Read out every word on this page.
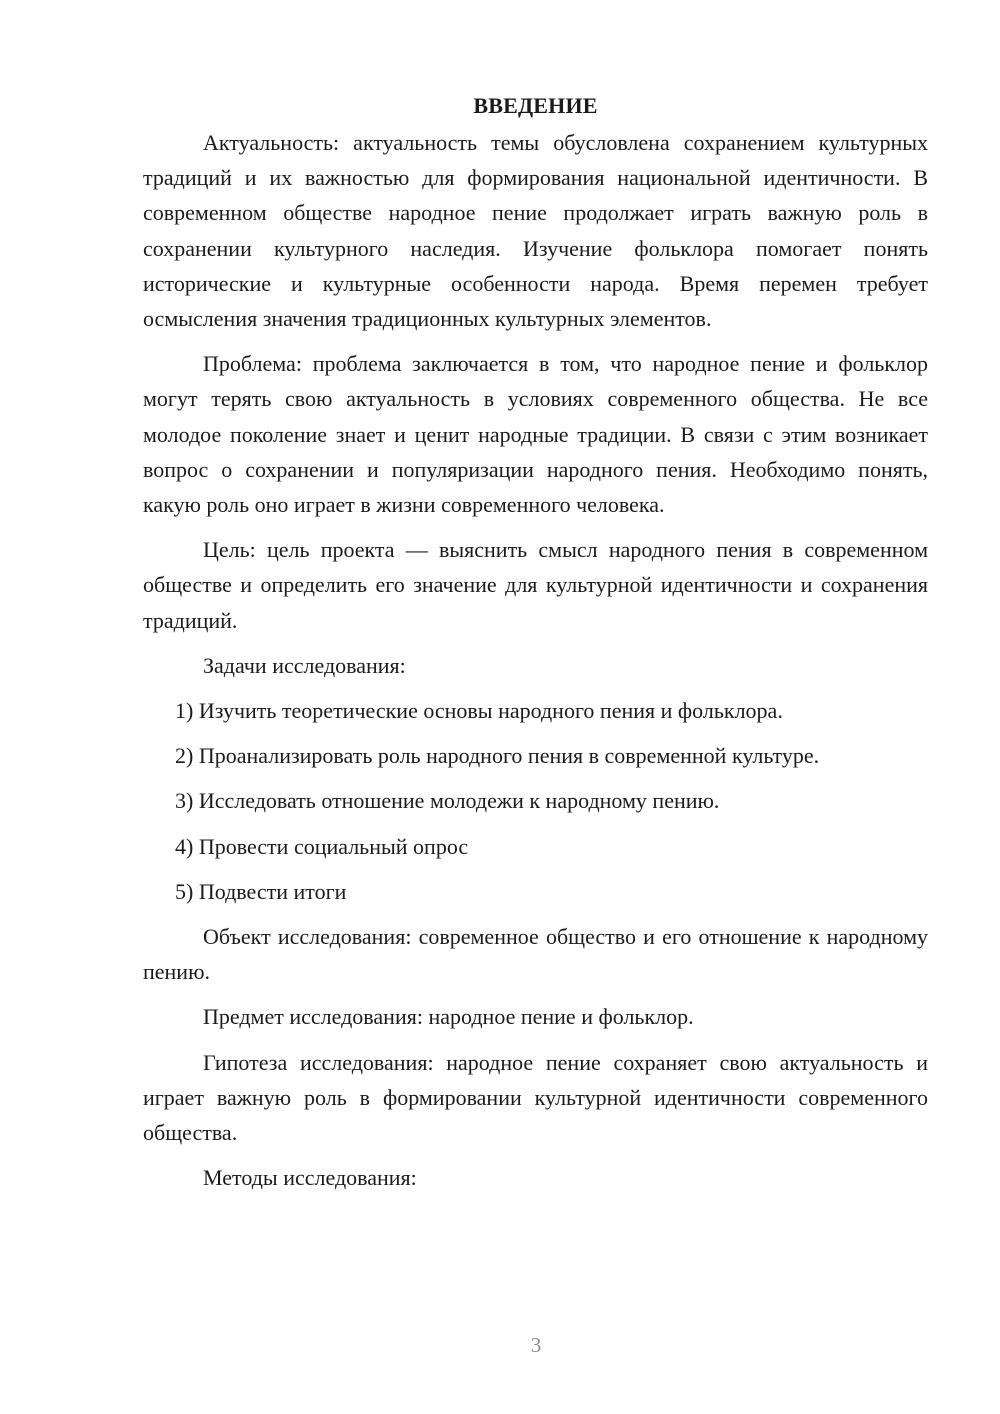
ВВЕДЕНИЕ

Актуальность: актуальность темы обусловлена сохранением культурных традиций и их важностью для формирования национальной идентичности. В современном обществе народное пение продолжает играть важную роль в сохранении культурного наследия. Изучение фольклора помогает понять исторические и культурные особенности народа. Время перемен требует осмысления значения традиционных культурных элементов.

Проблема: проблема заключается в том, что народное пение и фольклор могут терять свою актуальность в условиях современного общества. Не все молодое поколение знает и ценит народные традиции. В связи с этим возникает вопрос о сохранении и популяризации народного пения. Необходимо понять, какую роль оно играет в жизни современного человека.

Цель: цель проекта — выяснить смысл народного пения в современном обществе и определить его значение для культурной идентичности и сохранения традиций.

Задачи исследования:

1) Изучить теоретические основы народного пения и фольклора.
2) Проанализировать роль народного пения в современной культуре.
3) Исследовать отношение молодежи к народному пению.
4) Провести социальный опрос
5) Подвести итоги

Объект исследования: современное общество и его отношение к народному пению.

Предмет исследования: народное пение и фольклор.

Гипотеза исследования: народное пение сохраняет свою актуальность и играет важную роль в формировании культурной идентичности современного общества.

Методы исследования:

3
